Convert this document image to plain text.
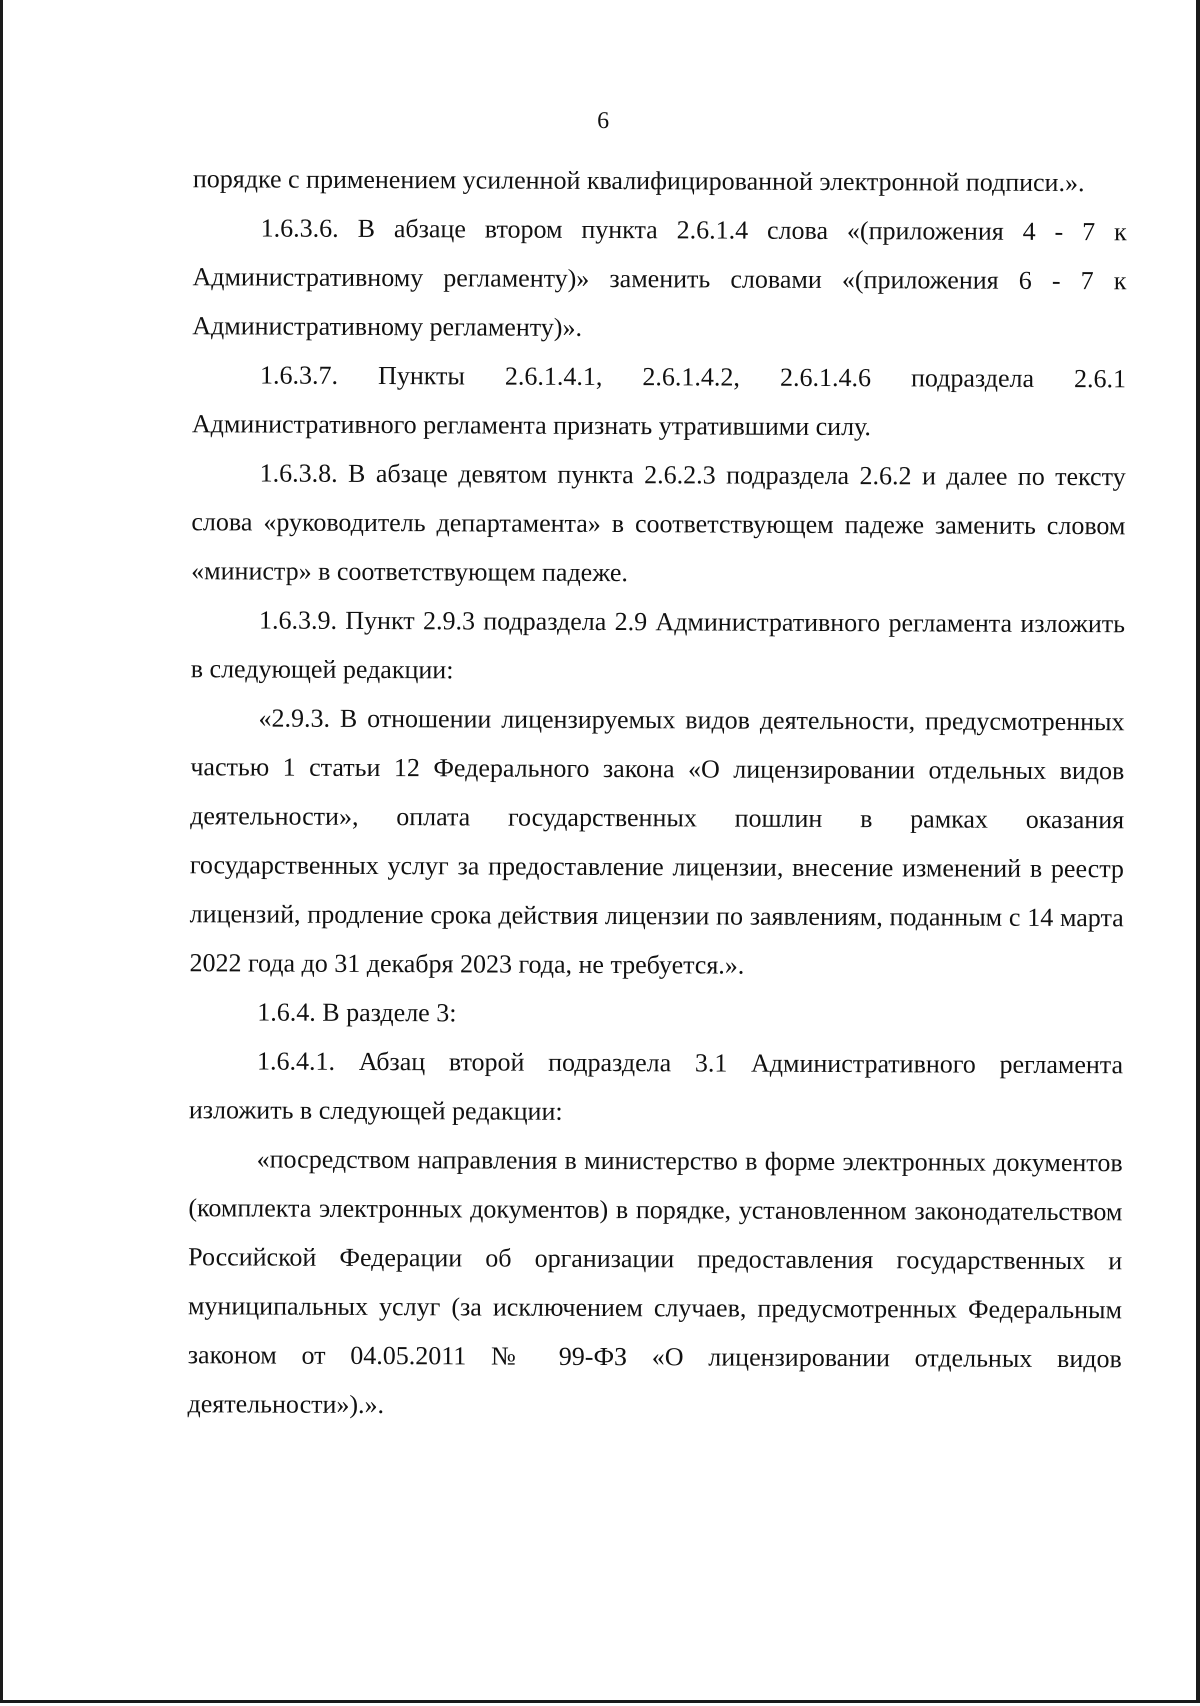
6

порядке с применением усиленной квалифицированной электронной подписи.».

1.6.3.6. В абзаце втором пункта 2.6.1.4 слова «(приложения 4 - 7 к Административному регламенту)» заменить словами «(приложения 6 - 7 к Административному регламенту)».

1.6.3.7. Пункты 2.6.1.4.1, 2.6.1.4.2, 2.6.1.4.6 подраздела 2.6.1 Административного регламента признать утратившими силу.

1.6.3.8. В абзаце девятом пункта 2.6.2.3 подраздела 2.6.2 и далее по тексту слова «руководитель департамента» в соответствующем падеже заменить словом «министр» в соответствующем падеже.

1.6.3.9. Пункт 2.9.3 подраздела 2.9 Административного регламента изложить в следующей редакции:

«2.9.3. В отношении лицензируемых видов деятельности, предусмотренных частью 1 статьи 12 Федерального закона «О лицензировании отдельных видов деятельности», оплата государственных пошлин в рамках оказания государственных услуг за предоставление лицензии, внесение изменений в реестр лицензий, продление срока действия лицензии по заявлениям, поданным с 14 марта 2022 года до 31 декабря 2023 года, не требуется.».

1.6.4. В разделе 3:

1.6.4.1. Абзац второй подраздела 3.1 Административного регламента изложить в следующей редакции:

«посредством направления в министерство в форме электронных документов (комплекта электронных документов) в порядке, установленном законодательством Российской Федерации об организации предоставления государственных и муниципальных услуг (за исключением случаев, предусмотренных Федеральным законом от 04.05.2011 № 99-ФЗ «О лицензировании отдельных видов деятельности»).».
